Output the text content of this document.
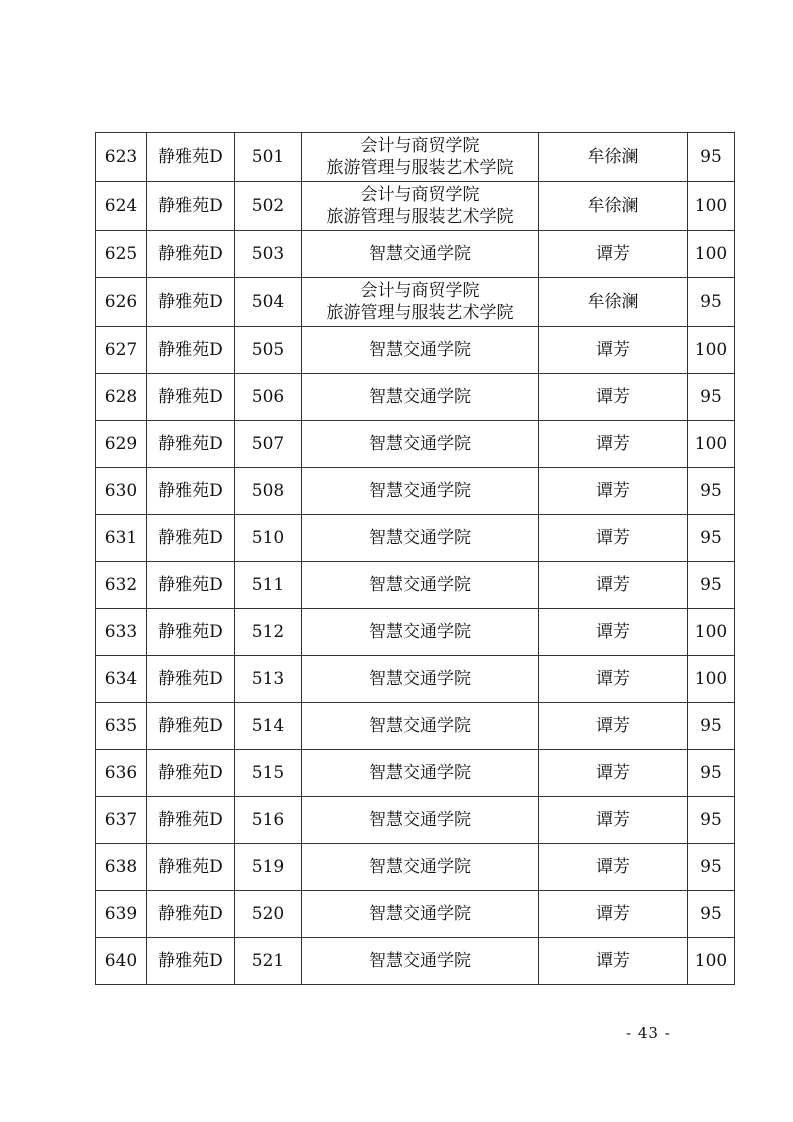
623	静雅苑D	501	会计与商贸学院
旅游管理与服装艺术学院	牟徐澜	95
624	静雅苑D	502	会计与商贸学院
旅游管理与服装艺术学院	牟徐澜	100
625	静雅苑D	503	智慧交通学院	谭芳	100
626	静雅苑D	504	会计与商贸学院
旅游管理与服装艺术学院	牟徐澜	95
627	静雅苑D	505	智慧交通学院	谭芳	100
628	静雅苑D	506	智慧交通学院	谭芳	95
629	静雅苑D	507	智慧交通学院	谭芳	100
630	静雅苑D	508	智慧交通学院	谭芳	95
631	静雅苑D	510	智慧交通学院	谭芳	95
632	静雅苑D	511	智慧交通学院	谭芳	95
633	静雅苑D	512	智慧交通学院	谭芳	100
634	静雅苑D	513	智慧交通学院	谭芳	100
635	静雅苑D	514	智慧交通学院	谭芳	95
636	静雅苑D	515	智慧交通学院	谭芳	95
637	静雅苑D	516	智慧交通学院	谭芳	95
638	静雅苑D	519	智慧交通学院	谭芳	95
639	静雅苑D	520	智慧交通学院	谭芳	95
640	静雅苑D	521	智慧交通学院	谭芳	100
- 43 -
